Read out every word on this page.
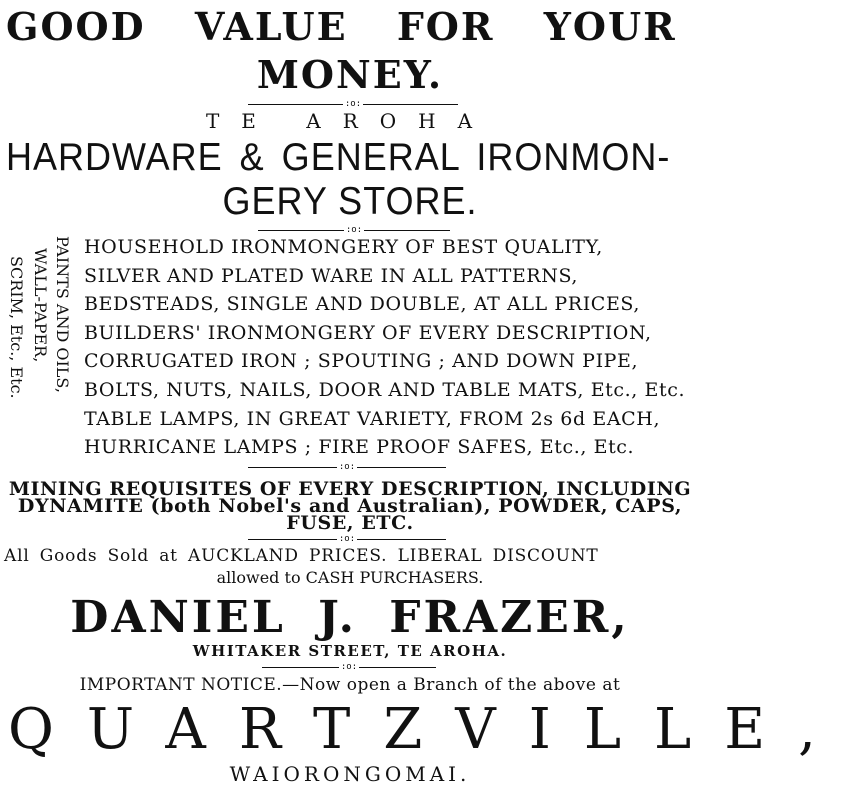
GOOD VALUE FOR YOUR
MONEY.
:o:
TE AROHA
HARDWARE & GENERAL IRONMON-
GERY STORE.
:o:
PAINTS AND OILS,
WALL-PAPER,
SCRIM, Etc., Etc.
HOUSEHOLD IRONMONGERY OF BEST QUALITY,
SILVER AND PLATED WARE IN ALL PATTERNS,
BEDSTEADS, SINGLE AND DOUBLE, AT ALL PRICES,
BUILDERS' IRONMONGERY OF EVERY DESCRIPTION,
CORRUGATED IRON ; SPOUTING ; AND DOWN PIPE,
BOLTS, NUTS, NAILS, DOOR AND TABLE MATS, Etc., Etc.
TABLE LAMPS, IN GREAT VARIETY, FROM 2s 6d EACH,
HURRICANE LAMPS ; FIRE PROOF SAFES, Etc., Etc.
:o:
MINING REQUISITES OF EVERY DESCRIPTION, INCLUDING
DYNAMITE (both Nobel's and Australian), POWDER, CAPS,
FUSE, ETC.
:o:
All Goods Sold at AUCKLAND PRICES. LIBERAL DISCOUNT
allowed to CASH PURCHASERS.
DANIEL J. FRAZER,
WHITAKER STREET, TE AROHA.
:o:
IMPORTANT NOTICE.—Now open a Branch of the above at
QUARTZVILLE,
WAIORONGOMAI.
